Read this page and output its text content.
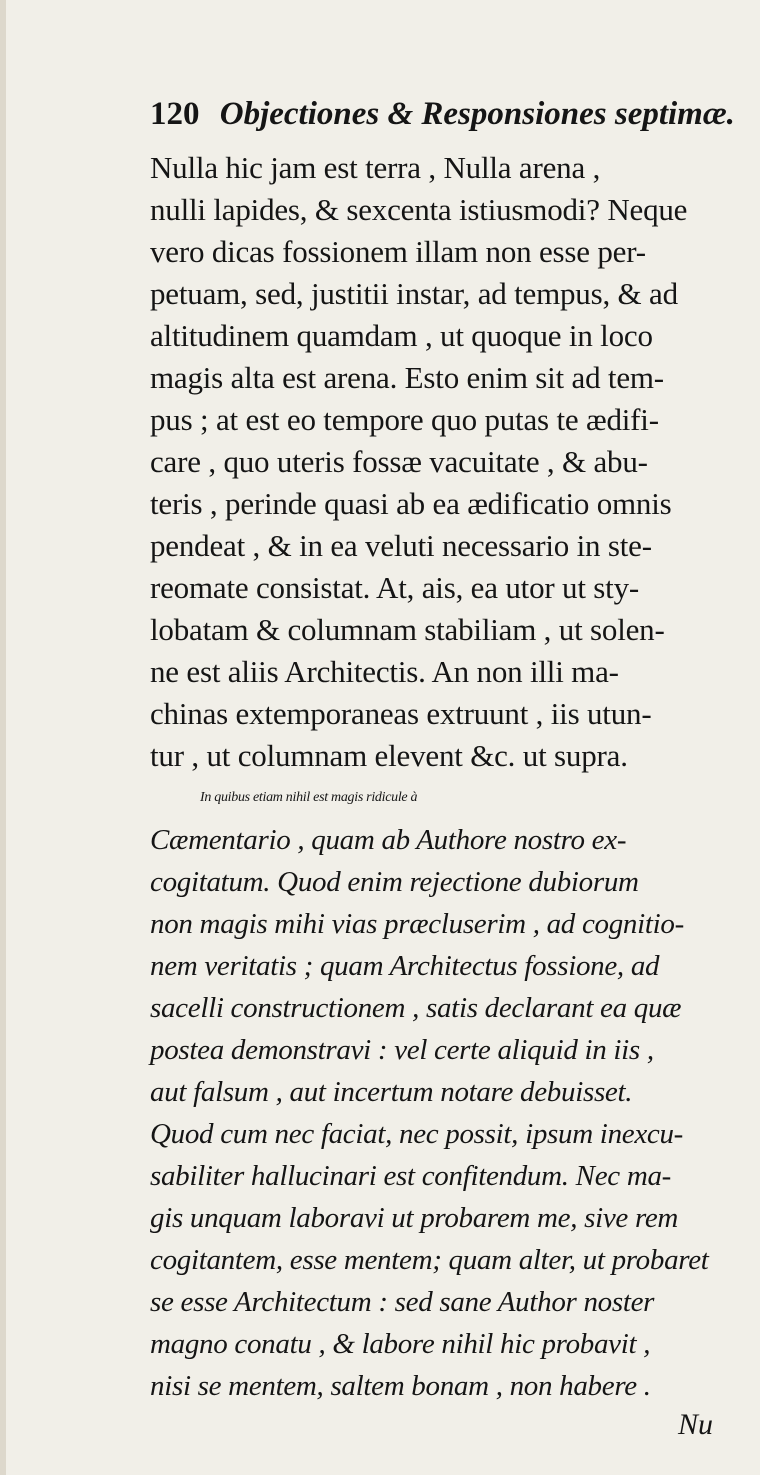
120 Objectiones & Responsiones septimæ.
Nulla hic jam est terra , Nulla arena ,
nulli lapides, & sexcenta istiusmodi? Neque
vero dicas fossionem illam non esse per-
petuam, sed, justitii instar, ad tempus, & ad
altitudinem quamdam , ut quoque in loco
magis alta est arena. Esto enim sit ad tem-
pus ; at est eo tempore quo putas te ædifi-
care , quo uteris fossæ vacuitate , & abu-
teris , perinde quasi ab ea ædificatio omnis
pendeat , & in ea veluti necessario in ste-
reomate consistat. At, ais, ea utor ut sty-
lobatam & columnam stabiliam , ut solen-
ne est aliis Architectis. An non illi ma-
chinas extemporaneas extruunt , iis utun-
tur , ut columnam elevent &c. ut supra.
In quibus etiam nihil est magis ridicule à
Cæmentario , quam ab Authore nostro ex-
cogitatum. Quod enim rejectione dubiorum
non magis mihi vias præcluserim , ad cognitio-
nem veritatis ; quam Architectus fossione, ad
sacelli constructionem , satis declarant ea quæ
postea demonstravi : vel certe aliquid in iis ,
aut falsum , aut incertum notare debuisset.
Quod cum nec faciat, nec possit, ipsum inexcu-
sabiliter hallucinari est confitendum. Nec ma-
gis unquam laboravi ut probarem me, sive rem
cogitantem, esse mentem; quam alter, ut probaret
se esse Architectum : sed sane Author noster
magno conatu , & labore nihil hic probavit ,
nisi se mentem, saltem bonam , non habere .
Nu
